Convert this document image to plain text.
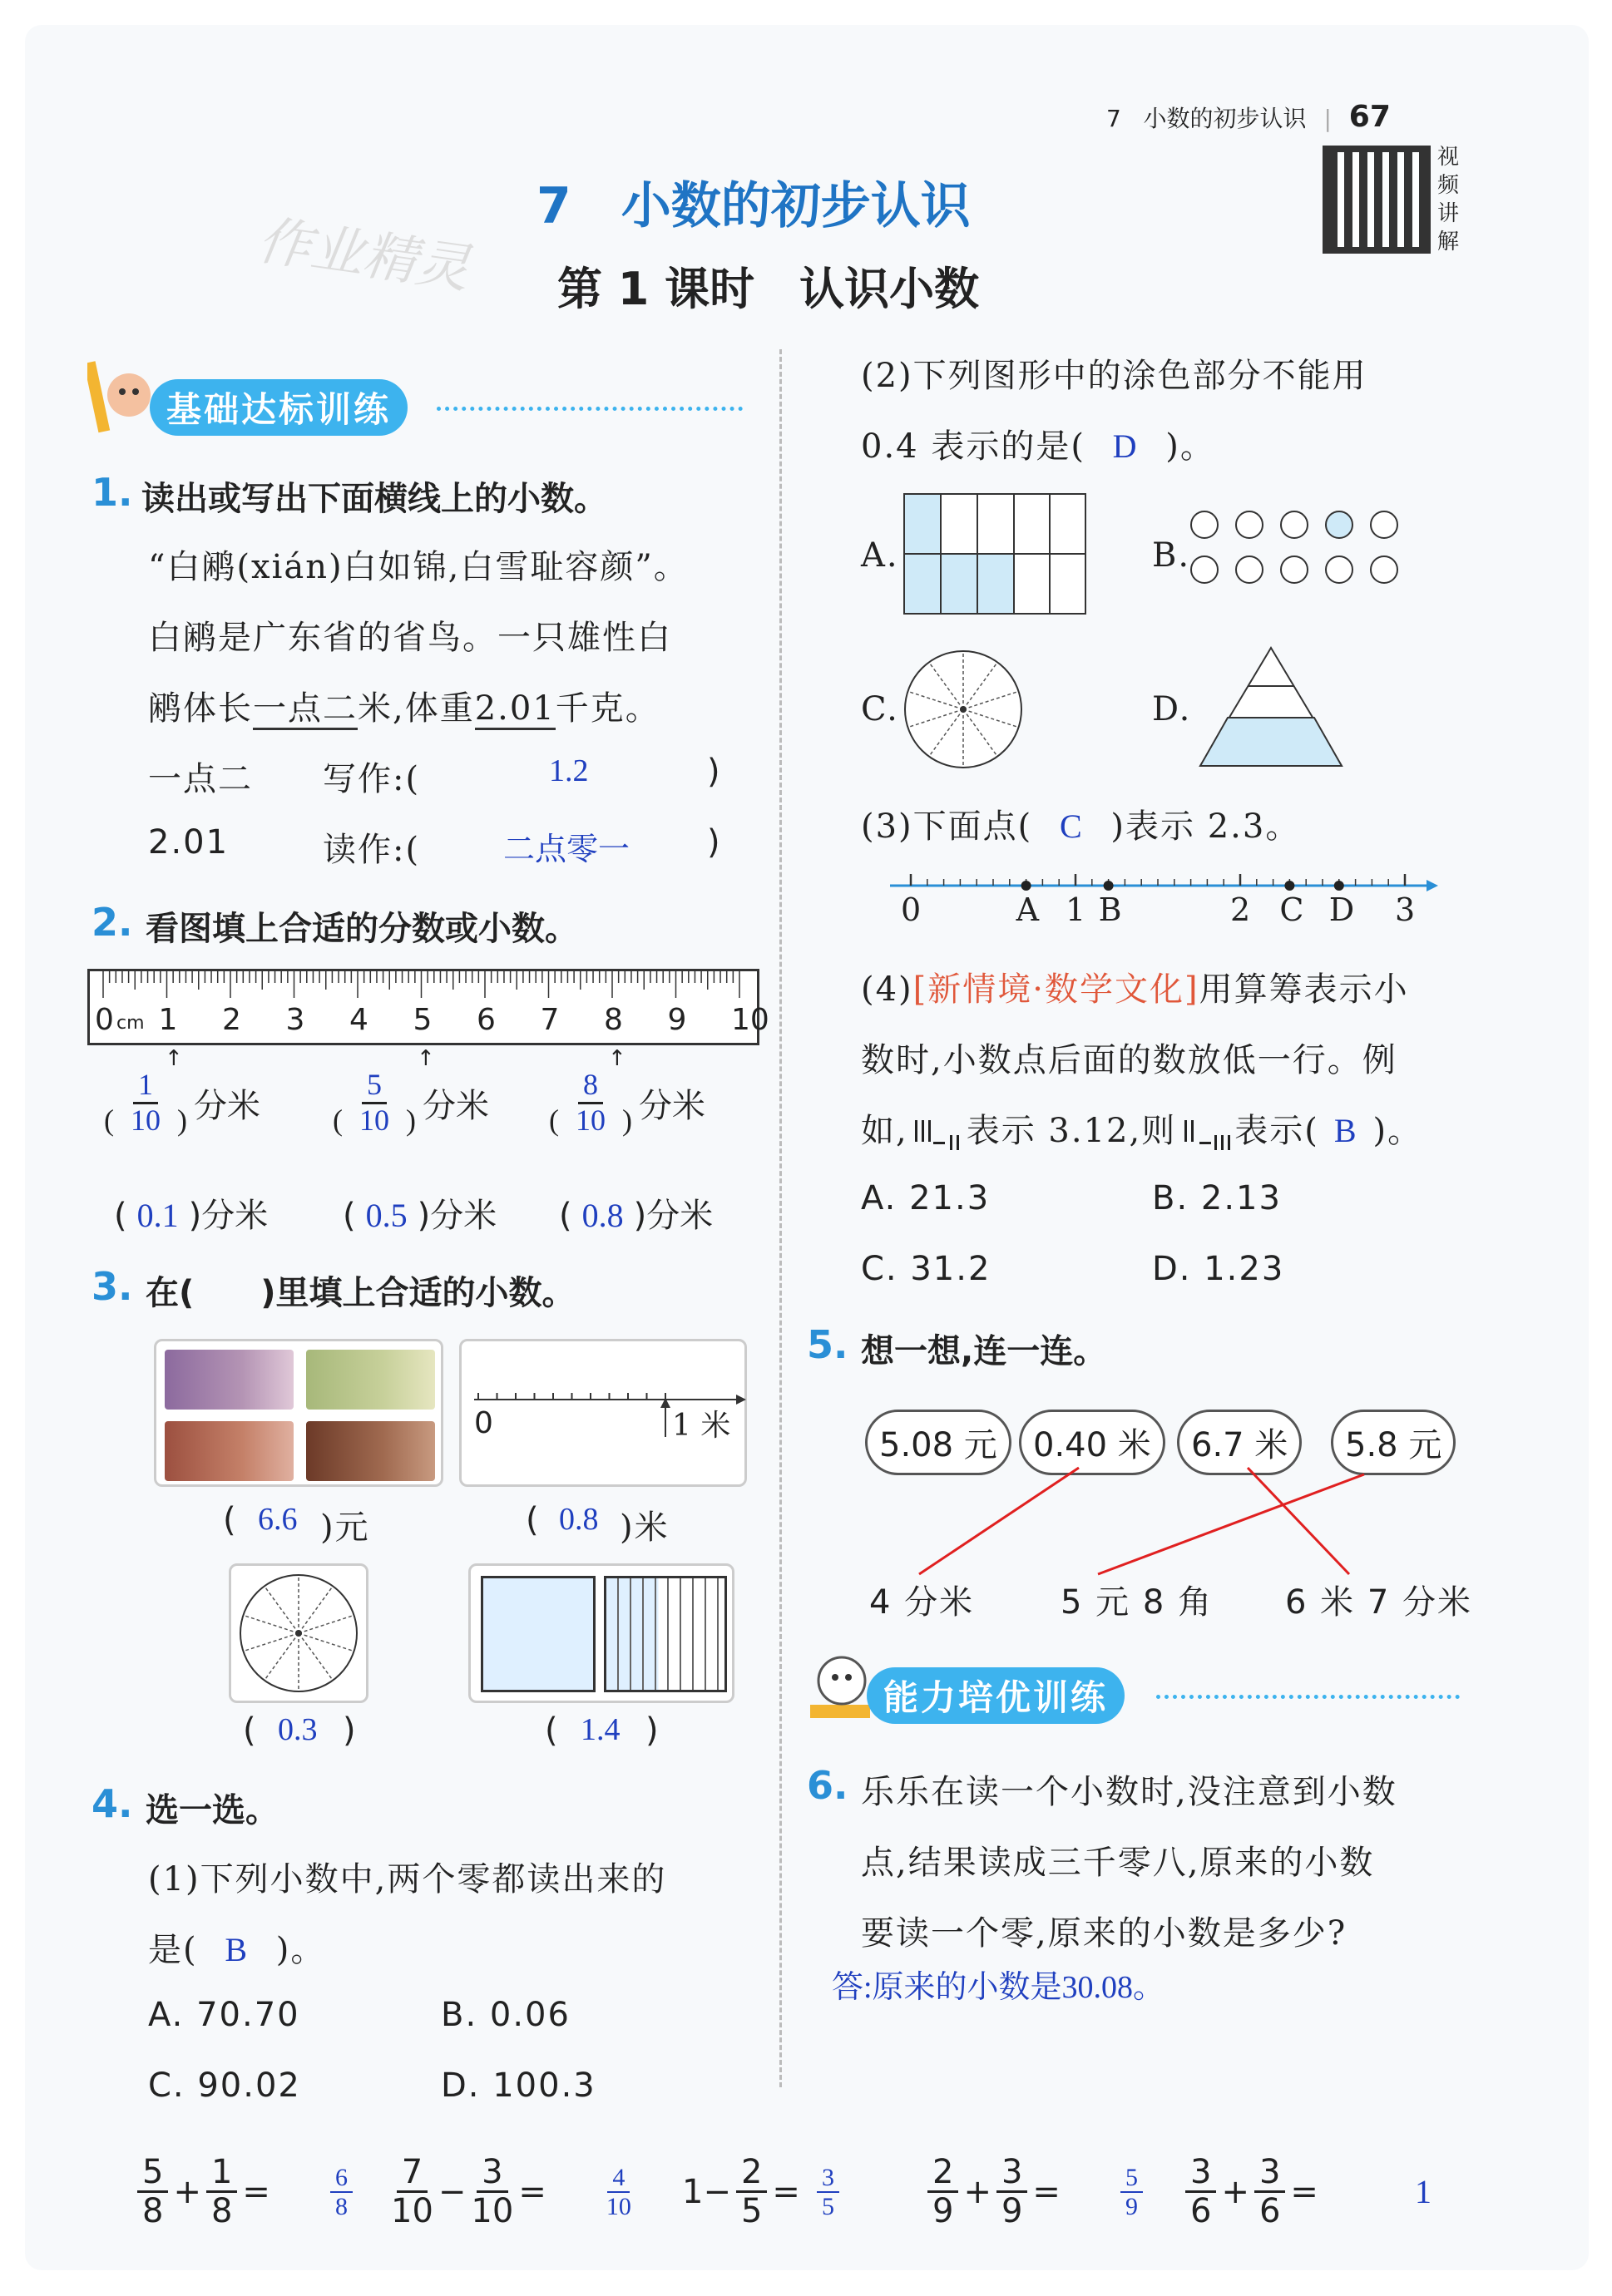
7 小数的初步认识 | 67
视频讲解
作业精灵
7　小数的初步认识
第 1 课时　认识小数
基础达标训练
1. 读出或写出下面横线上的小数。
“白鹇(xián)白如锦,白雪耻容颜”。
白鹇是广东省的省鸟。一只雄性白
鹇体长一点二米,体重2.01千克。
一点二 写作:(	1.2	)
2.01	读作:(	二点零一 )
2. 看图填上合适的分数或小数。
0 1 2 3 4 5 6 7 8 9 10
cm
↑	↑	↑
$\frac{1}{( 10 )}$ 分米 $\frac{5}{( 10 )}$ 分米 $\frac{8}{( 10 )}$ 分米
( 0.1 )分米 ( 0.5 )分米 ( 0.8 )分米
3. 在(　　)里填上合适的小数。
( 6.6 )元
0	1 米
( 0.8 )米
( 0.3 )	( 1.4 )
4. 选一选。
(1)下列小数中,两个零都读出来的
是( B )。
A. 70.70	B. 0.06
C. 90.02	D. 100.3
(2)下列图形中的涂色部分不能用
0.4 表示的是( D )。
A.	B.
C.	D.
(3)下面点( C )表示 2.3。
0	A 1 B	2 C D 3
(4)[新情境·数学文化]用算筹表示小
数时,小数点后面的数放低一行。例
如, 表示 3.12,则 表示( B )。
A. 21.3	B. 2.13
C. 31.2	D. 1.23
5. 想一想,连一连。
5.08 元	0.40 米	6.7 米	5.8 元
4 分米	5 元 8 角 6 米 7 分米
能力培优训练
6. 乐乐在读一个小数时,没注意到小数
点,结果读成三千零八,原来的小数
要读一个零,原来的小数是多少?
答:原来的小数是30.08。
$\frac{5}{8} + \frac{1}{8} = \frac{6}{8} \frac{7}{10} - \frac{3}{10} = \frac{4}{10} 1- \frac{2}{5} = \frac{3}{5}$	$\frac{2}{9} + \frac{3}{9} = \frac{5}{9} \frac{3}{6} + \frac{3}{6}$ =	1
